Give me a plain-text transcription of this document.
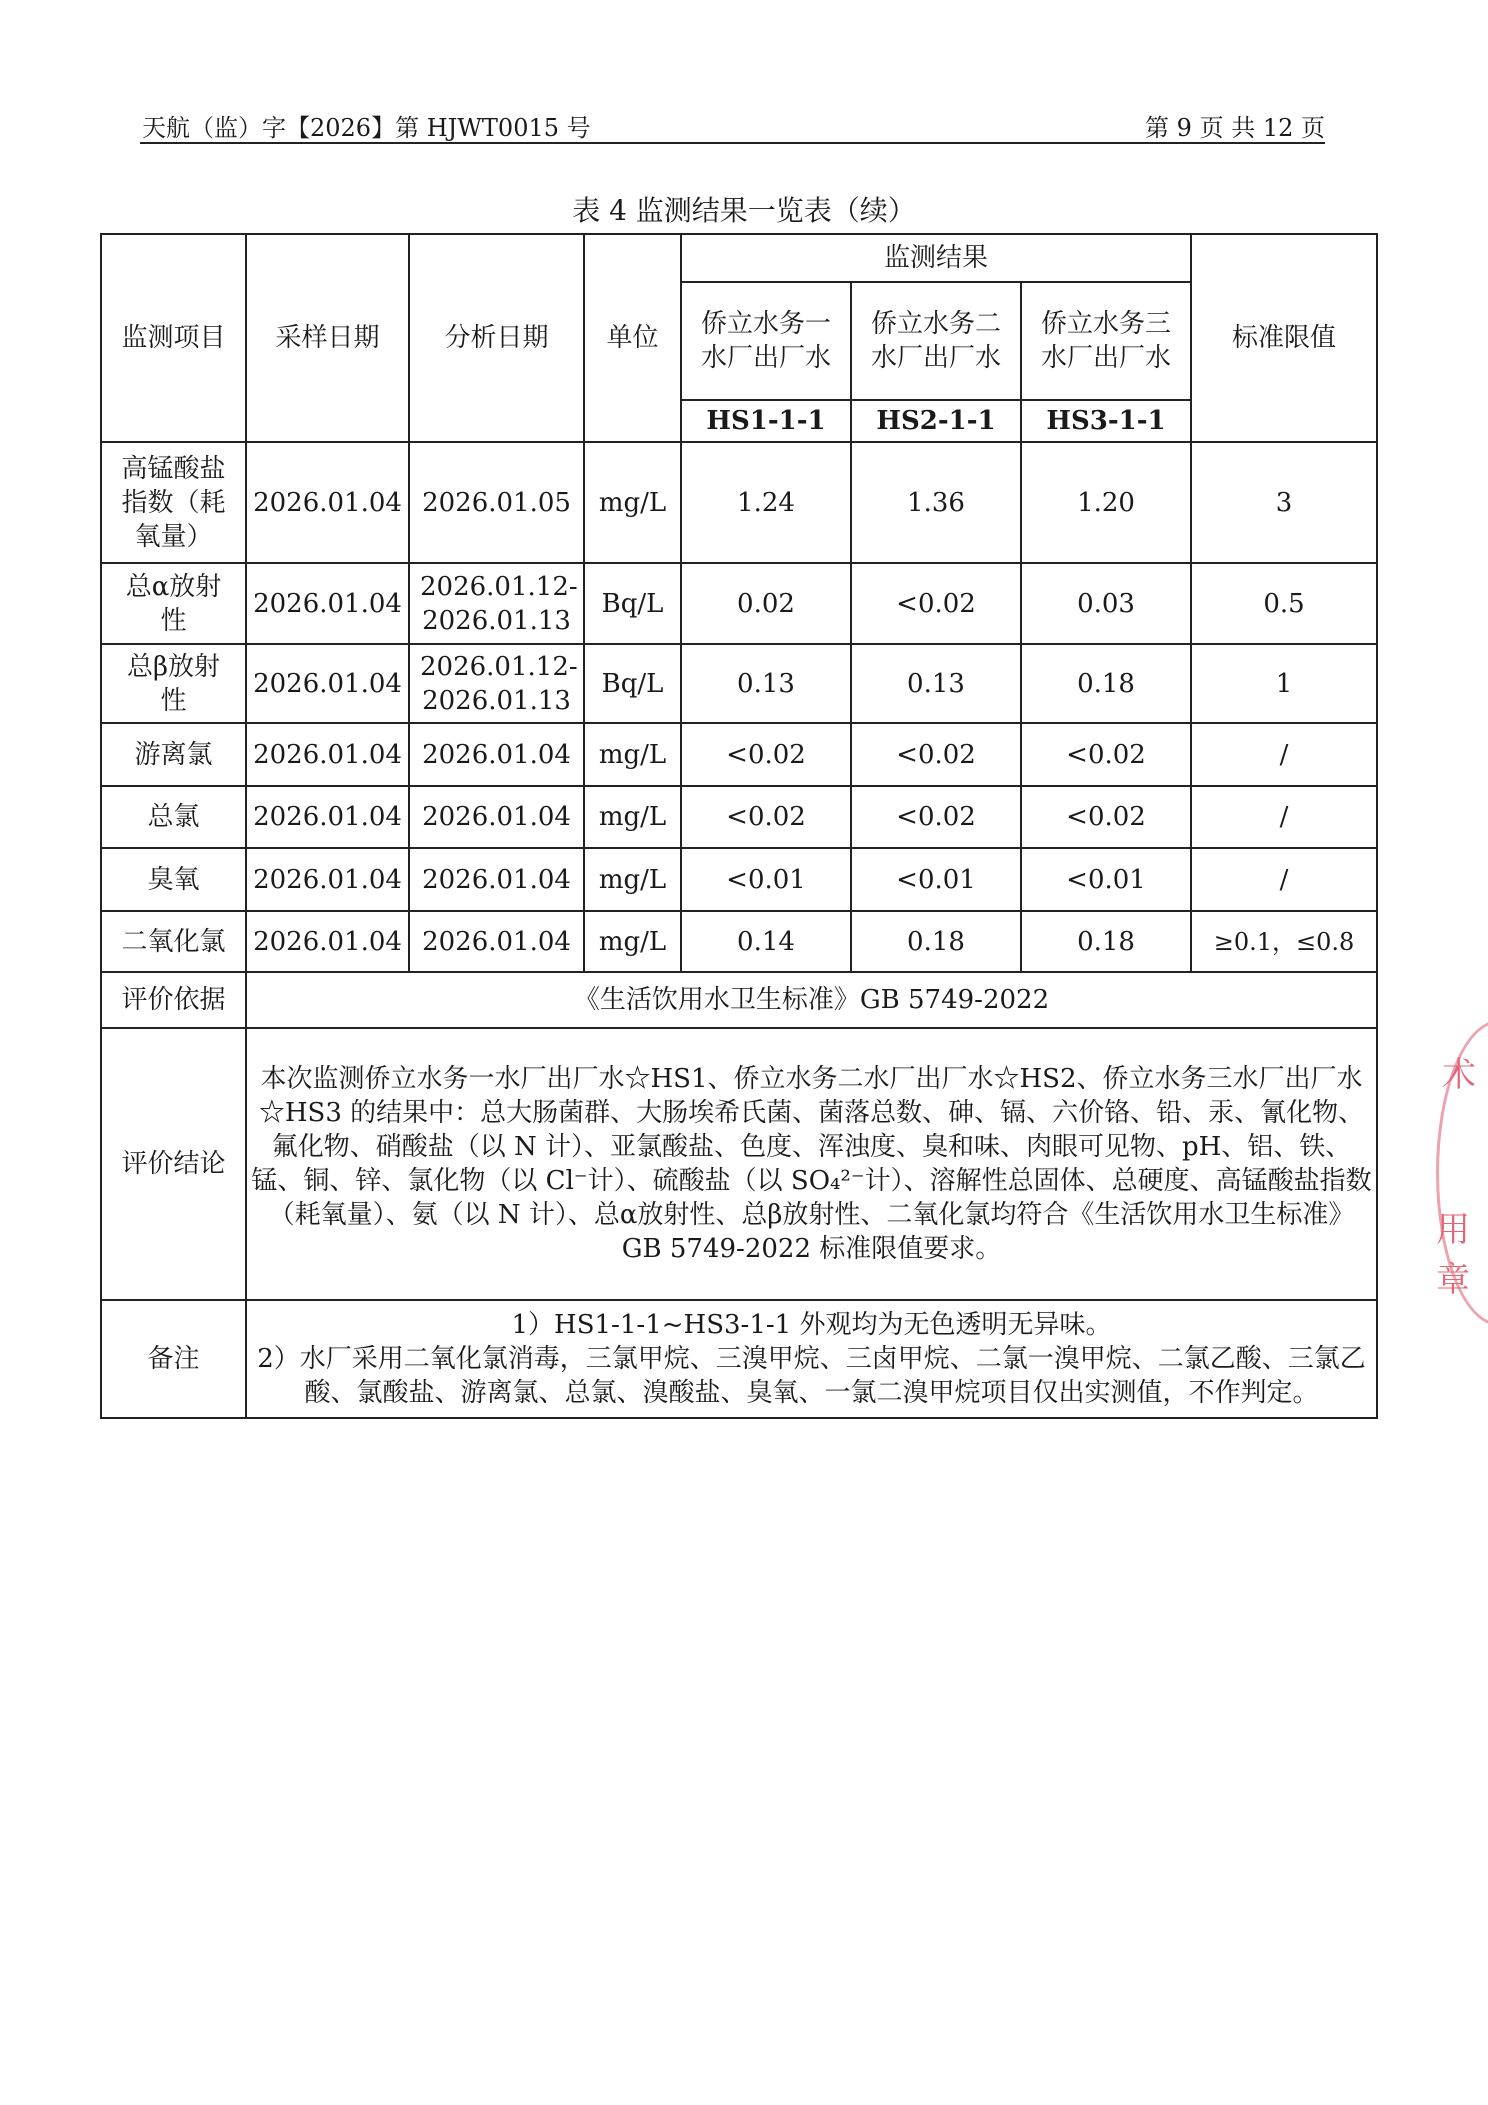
天航（监）字【2026】第 HJWT0015 号	第 9 页 共 12 页
表 4 监测结果一览表（续）
监测项目	采样日期	分析日期	单位	监测结果			标准限值
				侨立水务一水厂出厂水	侨立水务二水厂出厂水	侨立水务三水厂出厂水	
				HS1-1-1	HS2-1-1	HS3-1-1	
高锰酸盐指数（耗氧量）	2026.01.04	2026.01.05	mg/L	1.24	1.36	1.20	3
总α放射性	2026.01.04	2026.01.12-2026.01.13	Bq/L	0.02	<0.02	0.03	0.5
总β放射性	2026.01.04	2026.01.12-2026.01.13	Bq/L	0.13	0.13	0.18	1
游离氯	2026.01.04	2026.01.04	mg/L	<0.02	<0.02	<0.02	/
总氯	2026.01.04	2026.01.04	mg/L	<0.02	<0.02	<0.02	/
臭氧	2026.01.04	2026.01.04	mg/L	<0.01	<0.01	<0.01	/
二氧化氯	2026.01.04	2026.01.04	mg/L	0.14	0.18	0.18	≥0.1，≤0.8
评价依据	《生活饮用水卫生标准》GB 5749-2022						
评价结论	本次监测侨立水务一水厂出厂水☆HS1、侨立水务二水厂出厂水☆HS2、侨立水务三水厂出厂水☆HS3 的结果中：总大肠菌群、大肠埃希氏菌、菌落总数、砷、镉、六价铬、铅、汞、氰化物、氟化物、硝酸盐（以 N 计）、亚氯酸盐、色度、浑浊度、臭和味、肉眼可见物、pH、铝、铁、锰、铜、锌、氯化物（以 Cl⁻计）、硫酸盐（以 SO₄²⁻计）、溶解性总固体、总硬度、高锰酸盐指数（耗氧量）、氨（以 N 计）、总α放射性、总β放射性、二氧化氯均符合《生活饮用水卫生标准》GB 5749-2022 标准限值要求。						
备注	1）HS1-1-1~HS3-1-1 外观均为无色透明无异味。
2）水厂采用二氧化氯消毒，三氯甲烷、三溴甲烷、三卤甲烷、二氯一溴甲烷、二氯乙酸、三氯乙酸、氯酸盐、游离氯、总氯、溴酸盐、臭氧、一氯二溴甲烷项目仅出实测值，不作判定。						
术
用章
